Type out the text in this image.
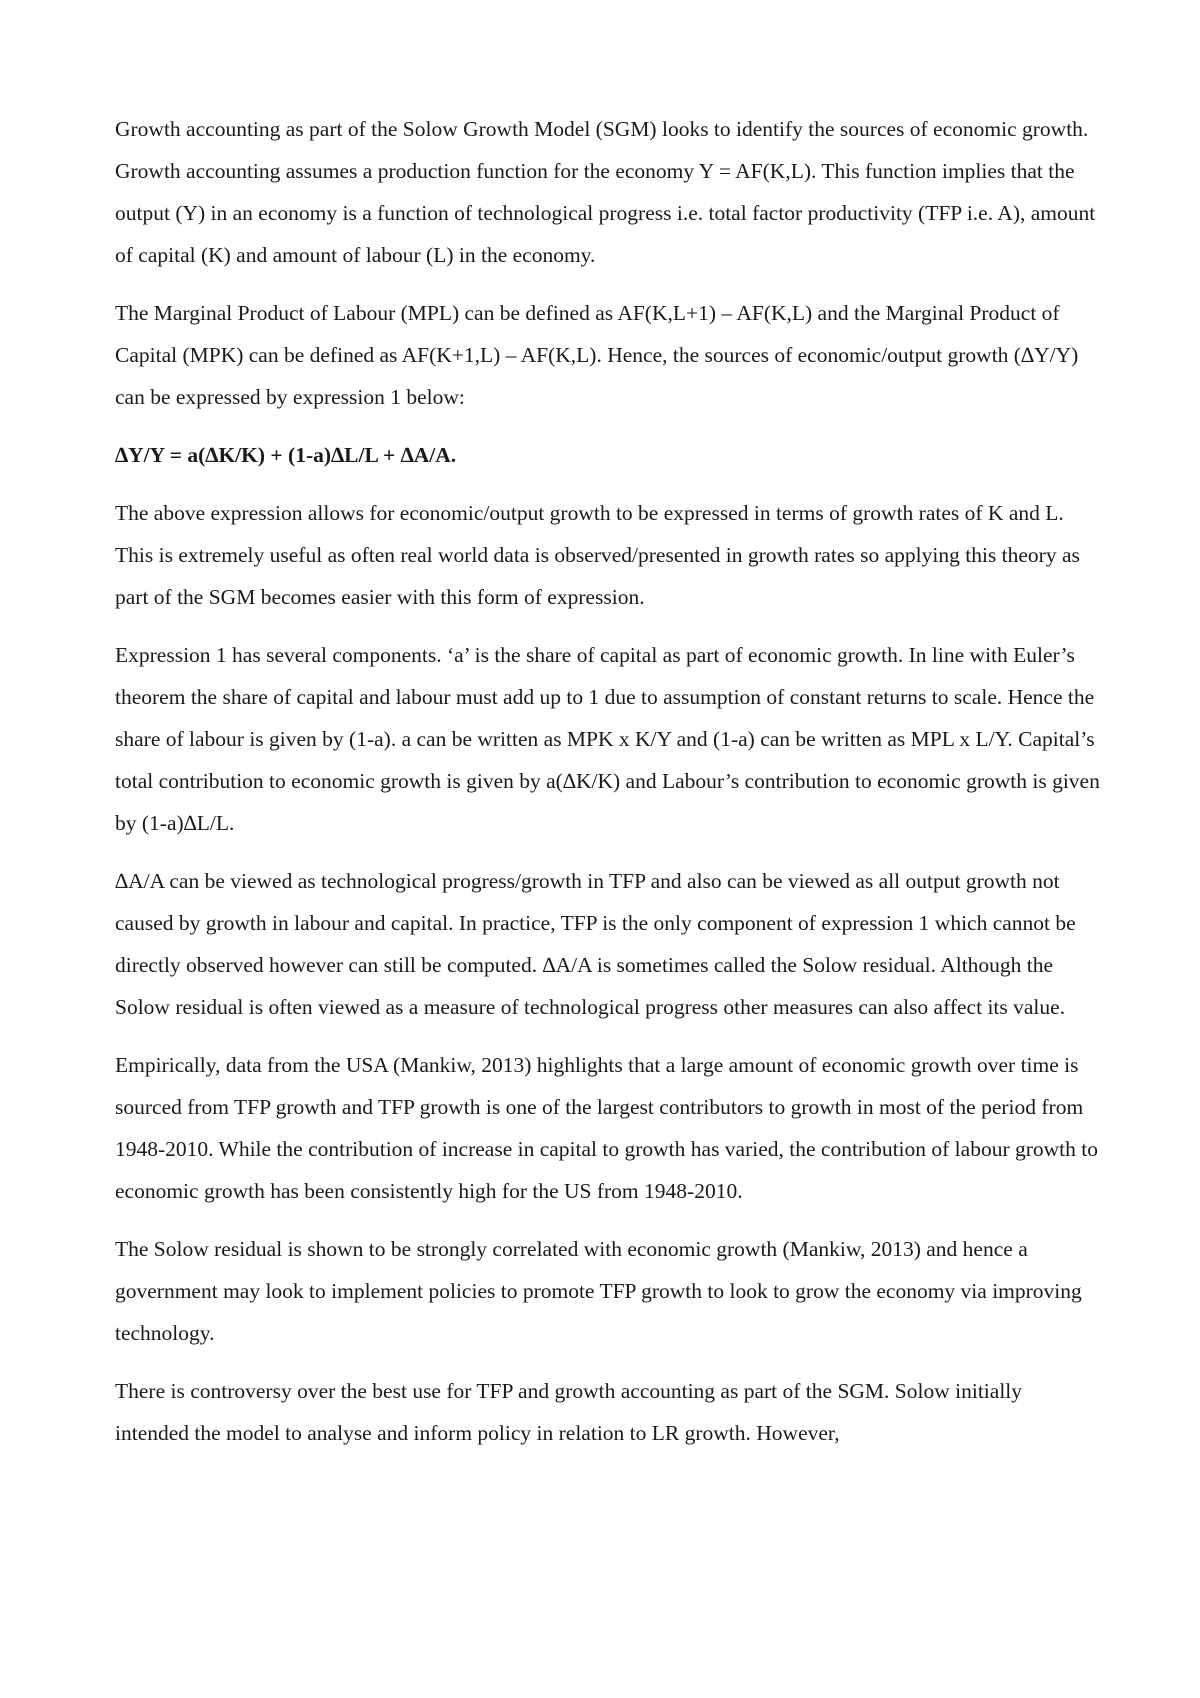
Growth accounting as part of the Solow Growth Model (SGM) looks to identify the sources of economic growth. Growth accounting assumes a production function for the economy Y = AF(K,L). This function implies that the output (Y) in an economy is a function of technological progress i.e. total factor productivity (TFP i.e. A), amount of capital (K) and amount of labour (L) in the economy.

The Marginal Product of Labour (MPL) can be defined as AF(K,L+1) – AF(K,L) and the Marginal Product of Capital (MPK) can be defined as AF(K+1,L) – AF(K,L). Hence, the sources of economic/output growth (∆Y/Y) can be expressed by expression 1 below:

∆Y/Y = a(∆K/K) + (1-a)∆L/L + ∆A/A.

The above expression allows for economic/output growth to be expressed in terms of growth rates of K and L. This is extremely useful as often real world data is observed/presented in growth rates so applying this theory as part of the SGM becomes easier with this form of expression.

Expression 1 has several components. ‘a’ is the share of capital as part of economic growth. In line with Euler’s theorem the share of capital and labour must add up to 1 due to assumption of constant returns to scale. Hence the share of labour is given by (1-a). a can be written as MPK x K/Y and (1-a) can be written as MPL x L/Y. Capital’s total contribution to economic growth is given by a(∆K/K) and Labour’s contribution to economic growth is given by (1-a)∆L/L.

∆A/A can be viewed as technological progress/growth in TFP and also can be viewed as all output growth not caused by growth in labour and capital. In practice, TFP is the only component of expression 1 which cannot be directly observed however can still be computed. ∆A/A is sometimes called the Solow residual. Although the Solow residual is often viewed as a measure of technological progress other measures can also affect its value.

Empirically, data from the USA (Mankiw, 2013) highlights that a large amount of economic growth over time is sourced from TFP growth and TFP growth is one of the largest contributors to growth in most of the period from 1948-2010. While the contribution of increase in capital to growth has varied, the contribution of labour growth to economic growth has been consistently high for the US from 1948-2010.

The Solow residual is shown to be strongly correlated with economic growth (Mankiw, 2013) and hence a government may look to implement policies to promote TFP growth to look to grow the economy via improving technology.

There is controversy over the best use for TFP and growth accounting as part of the SGM. Solow initially intended the model to analyse and inform policy in relation to LR growth. However,
